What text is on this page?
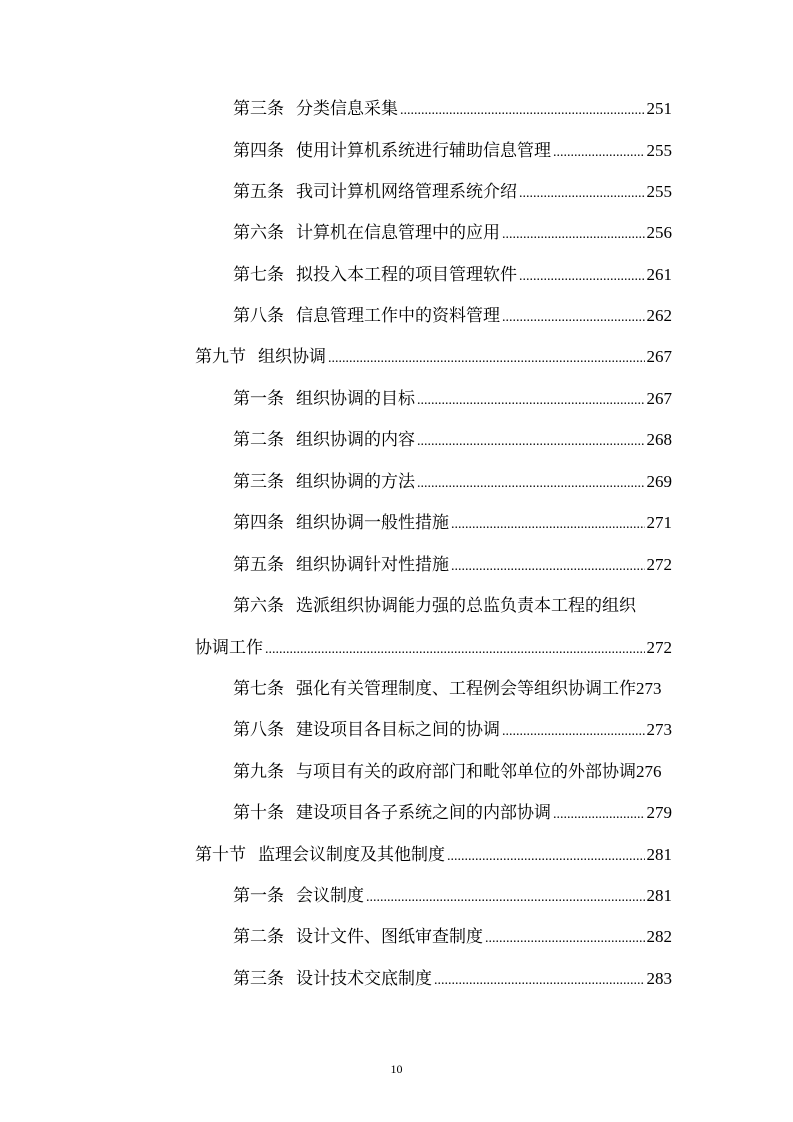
第三条 分类信息采集 .....	251
第四条 使用计算机系统进行辅助信息管理 .....	255
第五条 我司计算机网络管理系统介绍 .....	255
第六条 计算机在信息管理中的应用 .....	256
第七条 拟投入本工程的项目管理软件 .....	261
第八条 信息管理工作中的资料管理 .....	262
第九节 组织协调 .....	267
第一条 组织协调的目标 .....	267
第二条 组织协调的内容 .....	268
第三条 组织协调的方法 .....	269
第四条 组织协调一般性措施 .....	271
第五条 组织协调针对性措施 .....	272
第六条 选派组织协调能力强的总监负责本工程的组织
协调工作 .....	272
第七条 强化有关管理制度、工程例会等组织协调工作 273
第八条 建设项目各目标之间的协调 .....	273
第九条 与项目有关的政府部门和毗邻单位的外部协调 276
第十条 建设项目各子系统之间的内部协调 .....	279
第十节 监理会议制度及其他制度 .....	281
第一条 会议制度 .....	281
第二条 设计文件、图纸审查制度 .....	282
第三条 设计技术交底制度 .....	283
10
